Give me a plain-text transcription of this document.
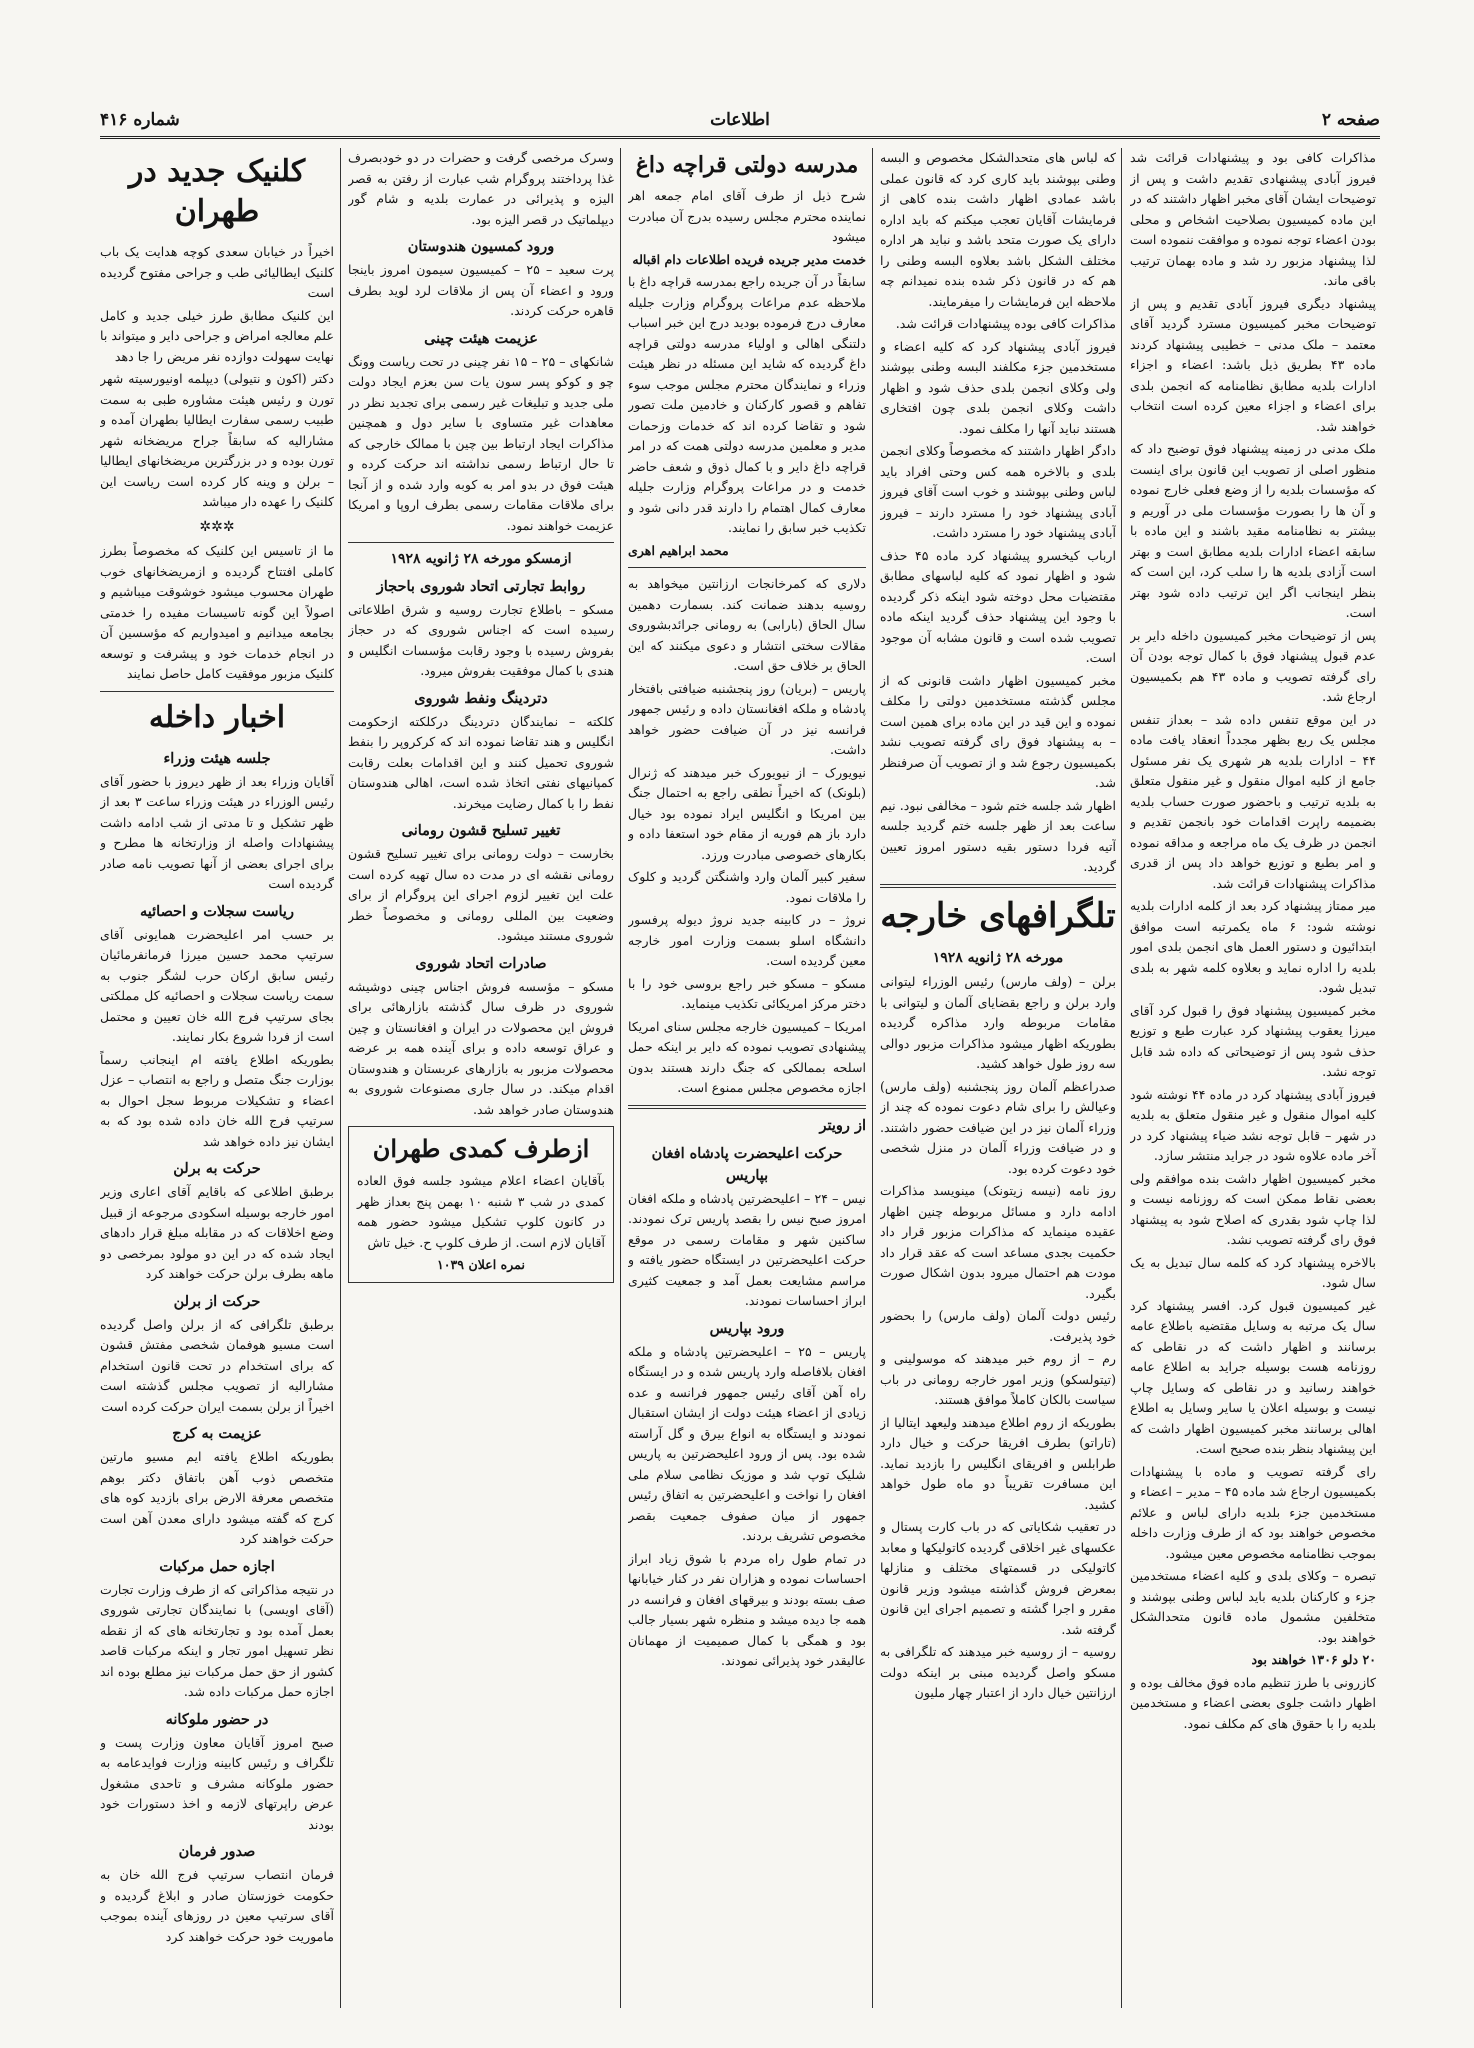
صفحه ۲
اطلاعات
شماره ۴۱۶

مذاکرات کافی بود و پیشنهادات قرائت شد فیروز آبادی پیشنهادی تقدیم داشت و پس از توضیحات ایشان آقای مخبر اظهار داشتند که در این ماده کمیسیون بصلاحیت اشخاص و محلی بودن اعضاء توجه نموده و موافقت ننموده است لذا پیشنهاد مزبور رد شد و ماده بهمان ترتیب باقی ماند.

پیشنهاد دیگری فیروز آبادی تقدیم و پس از توضیحات مخبر کمیسیون مسترد گردید آقای معتمد – ملک مدنی – خطیبی پیشنهاد کردند ماده ۴۳ بطریق ذیل باشد: اعضاء و اجزاء ادارات بلدیه مطابق نظامنامه که انجمن بلدی برای اعضاء و اجزاء معین کرده است انتخاب خواهند شد.

ملک مدنی در زمینه پیشنهاد فوق توضیح داد که منظور اصلی از تصویب این قانون برای اینست که مؤسسات بلدیه را از وضع فعلی خارج نموده و آن ها را بصورت مؤسسات ملی در آوریم و بیشتر به نظامنامه مقید باشند و این ماده با سابقه اعضاء ادارات بلدیه مطابق است و بهتر است آزادی بلدیه ها را سلب کرد، این است که بنظر اینجانب اگر این ترتیب داده شود بهتر است.

پس از توضیحات مخبر کمیسیون داخله دایر بر عدم قبول پیشنهاد فوق با کمال توجه بودن آن رای گرفته تصویب و ماده ۴۳ هم بکمیسیون ارجاع شد.

در این موقع تنفس داده شد – بعداز تنفس مجلس یک ربع بظهر مجدداً انعقاد یافت ماده ۴۴ – ادارات بلدیه هر شهری یک نفر مسئول جامع از کلیه اموال منقول و غیر منقول متعلق به بلدیه ترتیب و باحضور صورت حساب بلدیه بضمیمه راپرت اقدامات خود بانجمن تقدیم و انجمن در ظرف یک ماه مراجعه و مداقه نموده و امر بطبع و توزیع خواهد داد پس از قدری مذاکرات پیشنهادات قرائت شد.

میر ممتاز پیشنهاد کرد بعد از کلمه ادارات بلدیه نوشته شود: ۶ ماه یکمرتبه است موافق ابتدائیون و دستور العمل های انجمن بلدی امور بلدیه را اداره نماید و بعلاوه کلمه شهر به بلدی تبدیل شود.

مخبر کمیسیون پیشنهاد فوق را قبول کرد آقای میرزا یعقوب پیشنهاد کرد عبارت طبع و توزیع حذف شود پس از توضیحاتی که داده شد قابل توجه نشد.

فیروز آبادی پیشنهاد کرد در ماده ۴۴ نوشته شود کلیه اموال منقول و غیر منقول متعلق به بلدیه در شهر – قابل توجه نشد ضیاء پیشنهاد کرد در آخر ماده علاوه شود در جراید منتشر سازد.

مخبر کمیسیون اظهار داشت بنده موافقم ولی بعضی نقاط ممکن است که روزنامه نیست و لذا چاپ شود بقدری که اصلاح شود به پیشنهاد فوق رای گرفته تصویب نشد.

بالاخره پیشنهاد کرد که کلمه سال تبدیل به یک سال شود.

غیر کمیسیون قبول کرد. افسر پیشنهاد کرد سال یک مرتبه به وسایل مقتضیه باطلاع عامه برسانند و اظهار داشت که در نقاطی که روزنامه هست بوسیله جراید به اطلاع عامه خواهند رسانید و در نقاطی که وسایل چاپ نیست و بوسیله اعلان یا سایر وسایل به اطلاع اهالی برسانند مخبر کمیسیون اظهار داشت که این پیشنهاد بنظر بنده صحیح است.

رای گرفته تصویب و ماده با پیشنهادات بکمیسیون ارجاع شد ماده ۴۵ – مدیر – اعضاء و مستخدمین جزء بلدیه دارای لباس و علائم مخصوص خواهند بود که از طرف وزارت داخله بموجب نظامنامه مخصوص معین میشود.

تبصره – وکلای بلدی و کلیه اعضاء مستخدمین جزء و کارکنان بلدیه باید لباس وطنی بپوشند و متخلفین مشمول ماده قانون متحدالشکل خواهند بود.

۲۰ دلو ۱۳۰۶ خواهند بود

کازرونی با طرز تنظیم ماده فوق مخالف بوده و اظهار داشت جلوی بعضی اعضاء و مستخدمین بلدیه را با حقوق های کم مکلف نمود.

که لباس های متحدالشکل مخصوص و البسه وطنی بپوشند باید کاری کرد که قانون عملی باشد عمادی اظهار داشت بنده کاهی از فرمایشات آقایان تعجب میکنم که باید اداره دارای یک صورت متحد باشد و نباید هر اداره مختلف الشکل باشد بعلاوه البسه وطنی را هم که در قانون ذکر شده بنده نمیدانم چه ملاحظه این فرمایشات را میفرمایند.

مذاکرات کافی بوده پیشنهادات قرائت شد.

فیروز آبادی پیشنهاد کرد که کلیه اعضاء و مستخدمین جزء مکلفند البسه وطنی بپوشند ولی وکلای انجمن بلدی حذف شود و اظهار داشت وکلای انجمن بلدی چون افتخاری هستند نباید آنها را مکلف نمود.

دادگر اظهار داشتند که مخصوصاً وکلای انجمن بلدی و بالاخره همه کس وحتی افراد باید لباس وطنی بپوشند و خوب است آقای فیروز آبادی پیشنهاد خود را مسترد دارند – فیروز آبادی پیشنهاد خود را مسترد داشت.

ارباب کیخسرو پیشنهاد کرد ماده ۴۵ حذف شود و اظهار نمود که کلیه لباسهای مطابق مقتضیات محل دوخته شود اینکه ذکر گردیده با وجود این پیشنهاد حذف گردید اینکه ماده تصویب شده است و قانون مشابه آن موجود است.

مخبر کمیسیون اظهار داشت قانونی که از مجلس گذشته مستخدمین دولتی را مکلف نموده و این قید در این ماده برای همین است – به پیشنهاد فوق رای گرفته تصویب نشد بکمیسیون رجوع شد و از تصویب آن صرفنظر شد.

اظهار شد جلسه ختم شود – مخالفی نبود. نیم ساعت بعد از ظهر جلسه ختم گردید جلسه آتیه فردا دستور بقیه دستور امروز تعیین گردید.

تلگرافهای خارجه
مورخه ۲۸ ژانویه ۱۹۲۸

برلن – (ولف مارس) رئیس الوزراء لیتوانی وارد برلن و راجع بقضایای آلمان و لیتوانی با مقامات مربوطه وارد مذاکره گردیده بطوریکه اظهار میشود مذاکرات مزبور دوالی سه روز طول خواهد کشید.

صدراعظم آلمان روز پنجشنبه (ولف مارس) وعیالش را برای شام دعوت نموده که چند از وزراء آلمان نیز در این ضیافت حضور داشتند. و در ضیافت وزراء آلمان در منزل شخصی خود دعوت کرده بود.

روز نامه (نیسه زیتونک) مینویسد مذاکرات ادامه دارد و مسائل مربوطه چنین اظهار عقیده مینماید که مذاکرات مزبور قرار داد حکمیت بجدی مساعد است که عقد قرار داد مودت هم احتمال میرود بدون اشکال صورت بگیرد.

رئیس دولت آلمان (ولف مارس) را بحضور خود پذیرفت.

رم – از روم خبر میدهند که موسولینی و (تیتولسکو) وزیر امور خارجه رومانی در باب سیاست بالکان کاملاً موافق هستند.

بطوریکه از روم اطلاع میدهند ولیعهد ایتالیا از (تاراتو) بطرف افریقا حرکت و خیال دارد طرابلس و افریقای انگلیس را بازدید نماید. این مسافرت تقریباً دو ماه طول خواهد کشید.

در تعقیب شکایاتی که در باب کارت پستال و عکسهای غیر اخلاقی گردیده کاتولیکها و معابد کاتولیکی در قسمتهای مختلف و منازلها بمعرض فروش گذاشته میشود وزیر قانون مقرر و اجرا گشته و تصمیم اجرای این قانون گرفته شد.

روسیه – از روسیه خبر میدهند که تلگرافی به مسکو واصل گردیده مبنی بر اینکه دولت ارزانتین خیال دارد از اعتبار چهار ملیون

مدرسه دولتی قراچه داغ

شرح ذیل از طرف آقای امام جمعه اهر نماینده محترم مجلس رسیده بدرج آن مبادرت میشود

خدمت مدیر جریده فریده اطلاعات دام اقباله

سابقاً در آن جریده راجع بمدرسه قراچه داغ با ملاحظه عدم مراعات پروگرام وزارت جلیله معارف درج فرموده بودید درج این خبر اسباب دلتنگی اهالی و اولیاء مدرسه دولتی قراچه داغ گردیده که شاید این مسئله در نظر هیئت وزراء و نمایندگان محترم مجلس موجب سوء تفاهم و قصور کارکنان و خادمین ملت تصور شود و تقاضا کرده اند که خدمات وزحمات مدیر و معلمین مدرسه دولتی همت که در امر قراچه داغ دایر و با کمال ذوق و شعف حاضر خدمت و در مراعات پروگرام وزارت جلیله معارف کمال اهتمام را دارند قدر دانی شود و تکذیب خبر سابق را نمایند.

محمد ابراهیم اهری

دلاری که کمرخانجات ارزانتین میخواهد به روسیه بدهند ضمانت کند. بسمارت دهمین سال الحاق (بارابی) به رومانی جرائدبشوروی مقالات سختی انتشار و دعوی میکنند که این الحاق بر خلاف حق است.

پاریس – (بریان) روز پنجشنبه ضیافتی بافتخار پادشاه و ملکه افغانستان داده و رئیس جمهور فرانسه نیز در آن ضیافت حضور خواهد داشت.

نیویورک – از نیویورک خبر میدهند که ژنرال (بلونک) که اخیراً نطقی راجع به احتمال جنگ بین امریکا و انگلیس ایراد نموده بود خیال دارد باز هم فوریه از مقام خود استعفا داده و بکارهای خصوصی مبادرت ورزد.

سفیر کبیر آلمان وارد واشنگتن گردید و کلوک را ملاقات نمود.

نروژ – در کابینه جدید نروژ دیوله پرفسور دانشگاه اسلو بسمت وزارت امور خارجه معین گردیده است.

مسکو – مسکو خبر راجع بروسی خود را با دختر مرکز امریکائی تکذیب مینماید.

امریکا – کمیسیون خارجه مجلس سنای امریکا پیشنهادی تصویب نموده که دایر بر اینکه حمل اسلحه بممالکی که جنگ دارند هستند بدون اجازه مخصوص مجلس ممنوع است.

از رویتر
حرکت اعلیحضرت پادشاه افغان بپاریس

نیس – ۲۴ – اعلیحضرتین پادشاه و ملکه افغان امروز صبح نیس را بقصد پاریس ترک نمودند. ساکنین شهر و مقامات رسمی در موقع حرکت اعلیحضرتین در ایستگاه حضور یافته و مراسم مشایعت بعمل آمد و جمعیت کثیری ابراز احساسات نمودند.

ورود بپاریس

پاریس – ۲۵ – اعلیحضرتین پادشاه و ملکه افغان بلافاصله وارد پاریس شده و در ایستگاه راه آهن آقای رئیس جمهور فرانسه و عده زیادی از اعضاء هیئت دولت از ایشان استقبال نمودند و ایستگاه به انواع بیرق و گل آراسته شده بود. پس از ورود اعلیحضرتین به پاریس شلیک توپ شد و موزیک نظامی سلام ملی افغان را نواخت و اعلیحضرتین به اتفاق رئیس جمهور از میان صفوف جمعیت بقصر مخصوص تشریف بردند.

در تمام طول راه مردم با شوق زیاد ابراز احساسات نموده و هزاران نفر در کنار خیابانها صف بسته بودند و بیرقهای افغان و فرانسه در همه جا دیده میشد و منظره شهر بسیار جالب بود و همگی با کمال صمیمیت از مهمانان عالیقدر خود پذیرائی نمودند.

وسرک مرخصی گرفت و حضرات در دو خودبصرف غذا پرداختند پروگرام شب عبارت از رفتن به قصر الیزه و پذیرائی در عمارت بلدیه و شام گور دیپلماتیک در قصر الیزه بود.

ورود کمسیون هندوستان

پرت سعید – ۲۵ – کمیسیون سیمون امروز باینجا ورود و اعضاء آن پس از ملاقات لرد لوید بطرف قاهره حرکت کردند.

عزیمت هیئت چینی

شانکهای – ۲۵ – ۱۵ نفر چینی در تحت ریاست وونگ چو و کوکو پسر سون یات سن بعزم ایجاد دولت ملی جدید و تبلیغات غیر رسمی برای تجدید نظر در معاهدات غیر متساوی با سایر دول و همچنین مذاکرات ایجاد ارتباط بین چین با ممالک خارجی که تا حال ارتباط رسمی نداشته اند حرکت کرده و هیئت فوق در بدو امر به کوبه وارد شده و از آنجا برای ملاقات مقامات رسمی بطرف اروپا و امریکا عزیمت خواهند نمود.

ازمسکو مورخه ۲۸ ژانویه ۱۹۲۸
روابط تجارتی اتحاد شوروی باحجاز

مسکو – باطلاع تجارت روسیه و شرق اطلاعاتی رسیده است که اجناس شوروی که در حجاز بفروش رسیده با وجود رقابت مؤسسات انگلیس و هندی با کمال موفقیت بفروش میرود.

دتردینگ ونفط شوروی

کلکته – نمایندگان دتردینگ درکلکته ازحکومت انگلیس و هند تقاضا نموده اند که کرکروپر را بنفط شوروی تحمیل کنند و این اقدامات بعلت رقابت کمپانیهای نفتی اتخاذ شده است، اهالی هندوستان نفط را با کمال رضایت میخرند.

تغییر تسلیح قشون رومانی

بخارست – دولت رومانی برای تغییر تسلیح قشون رومانی نقشه ای در مدت ده سال تهیه کرده است علت این تغییر لزوم اجرای این پروگرام از برای وضعیت بین المللی رومانی و مخصوصاً خطر شوروی مستند میشود.

صادرات اتحاد شوروی

مسکو – مؤسسه فروش اجناس چینی دوشیشه شوروی در ظرف سال گذشته بازارهائی برای فروش این محصولات در ایران و افغانستان و چین و عراق توسعه داده و برای آینده همه بر عرضه محصولات مزبور به بازارهای عربستان و هندوستان اقدام میکند. در سال جاری مصنوعات شوروی به هندوستان صادر خواهد شد.

ازطرف کمدی طهران

بآقایان اعضاء اعلام میشود جلسه فوق العاده کمدی در شب ۳ شنبه ۱۰ بهمن پنج بعداز ظهر در کانون کلوپ تشکیل میشود حضور همه آقایان لازم است. از طرف کلوپ ح. خیل تاش

نمره اعلان ۱۰۳۹

کلنیک جدید در طهران

اخیراً در خیابان سعدی کوچه هدایت یک باب کلنیک ایطالیائی طب و جراحی مفتوح گردیده است

این کلنیک مطابق طرز خیلی جدید و کامل علم معالجه امراض و جراحی دایر و میتواند با نهایت سهولت دوازده نفر مریض را جا دهد

دکتر (اکون و نتیولی) دیپلمه اونیورسیته شهر تورن و رئیس هیئت مشاوره طبی به سمت طبیب رسمی سفارت ایطالیا بطهران آمده و مشارالیه که سابقاً جراح مریضخانه شهر تورن بوده و در بزرگترین مریضخانهای ایطالیا – برلن و وینه کار کرده است ریاست این کلنیک را عهده دار میباشد

✲✲✲

ما از تاسیس این کلنیک که مخصوصاً بطرز کاملی افتتاح گردیده و ازمریضخانهای خوب طهران محسوب میشود خوشوقت میباشیم و اصولاً این گونه تاسیسات مفیده را خدمتی بجامعه میدانیم و امیدواریم که مؤسسین آن در انجام خدمات خود و پیشرفت و توسعه کلنیک مزبور موفقیت کامل حاصل نمایند

اخبار داخله
جلسه هیئت وزراء

آقایان وزراء بعد از ظهر دیروز با حضور آقای رئیس الوزراء در هیئت وزراء ساعت ۳ بعد از ظهر تشکیل و تا مدتی از شب ادامه داشت پیشنهادات واصله از وزارتخانه ها مطرح و برای اجرای بعضی از آنها تصویب نامه صادر گردیده است

ریاست سجلات و احصائیه

بر حسب امر اعلیحضرت همایونی آقای سرتیپ محمد حسین میرزا فرمانفرمائیان رئیس سابق ارکان حرب لشگر جنوب به سمت ریاست سجلات و احصائیه کل مملکتی بجای سرتیپ فرج الله خان تعیین و محتمل است از فردا شروع بکار نمایند.

بطوریکه اطلاع یافته ام اینجانب رسماً بوزارت جنگ متصل و راجع به انتصاب – عزل اعضاء و تشکیلات مربوط سجل احوال به سرتیپ فرج الله خان داده شده بود که به ایشان نیز داده خواهد شد

حرکت به برلن

برطبق اطلاعی که باقایم آقای اعاری وزیر امور خارجه بوسیله اسکودی مرجوعه از قبیل وضع اخلاقات که در مقابله مبلغ قرار دادهای ایجاد شده که در این دو مولود بمرخصی دو ماهه بطرف برلن حرکت خواهند کرد

حرکت از برلن

برطبق تلگرافی که از برلن واصل گردیده است مسیو هوفمان شخصی مفتش قشون که برای استخدام در تحت قانون استخدام مشارالیه از تصویب مجلس گذشته است اخیراً از برلن بسمت ایران حرکت کرده است

عزیمت به کرج

بطوریکه اطلاع یافته ایم مسیو مارتین متخصص ذوب آهن باتفاق دکتر بوهم متخصص معرفة الارض برای بازدید کوه های کرج که گفته میشود دارای معدن آهن است حرکت خواهند کرد

اجازه حمل مرکبات

در نتیجه مذاکراتی که از طرف وزارت تجارت (آقای اویسی) با نمایندگان تجارتی شوروی بعمل آمده بود و تجارتخانه های که از نقطه نظر تسهیل امور تجار و اینکه مرکبات قاصد کشور از حق حمل مرکبات نیز مطلع بوده اند اجازه حمل مرکبات داده شد.

در حضور ملوکانه

صبح امروز آقایان معاون وزارت پست و تلگراف و رئیس کابینه وزارت فوایدعامه به حضور ملوکانه مشرف و تاحدی مشغول عرض راپرتهای لازمه و اخذ دستورات خود بودند

صدور فرمان

فرمان انتصاب سرتیپ فرج الله خان به حکومت خوزستان صادر و ابلاغ گردیده و آقای سرتیپ معین در روزهای آینده بموجب ماموریت خود حرکت خواهند کرد
